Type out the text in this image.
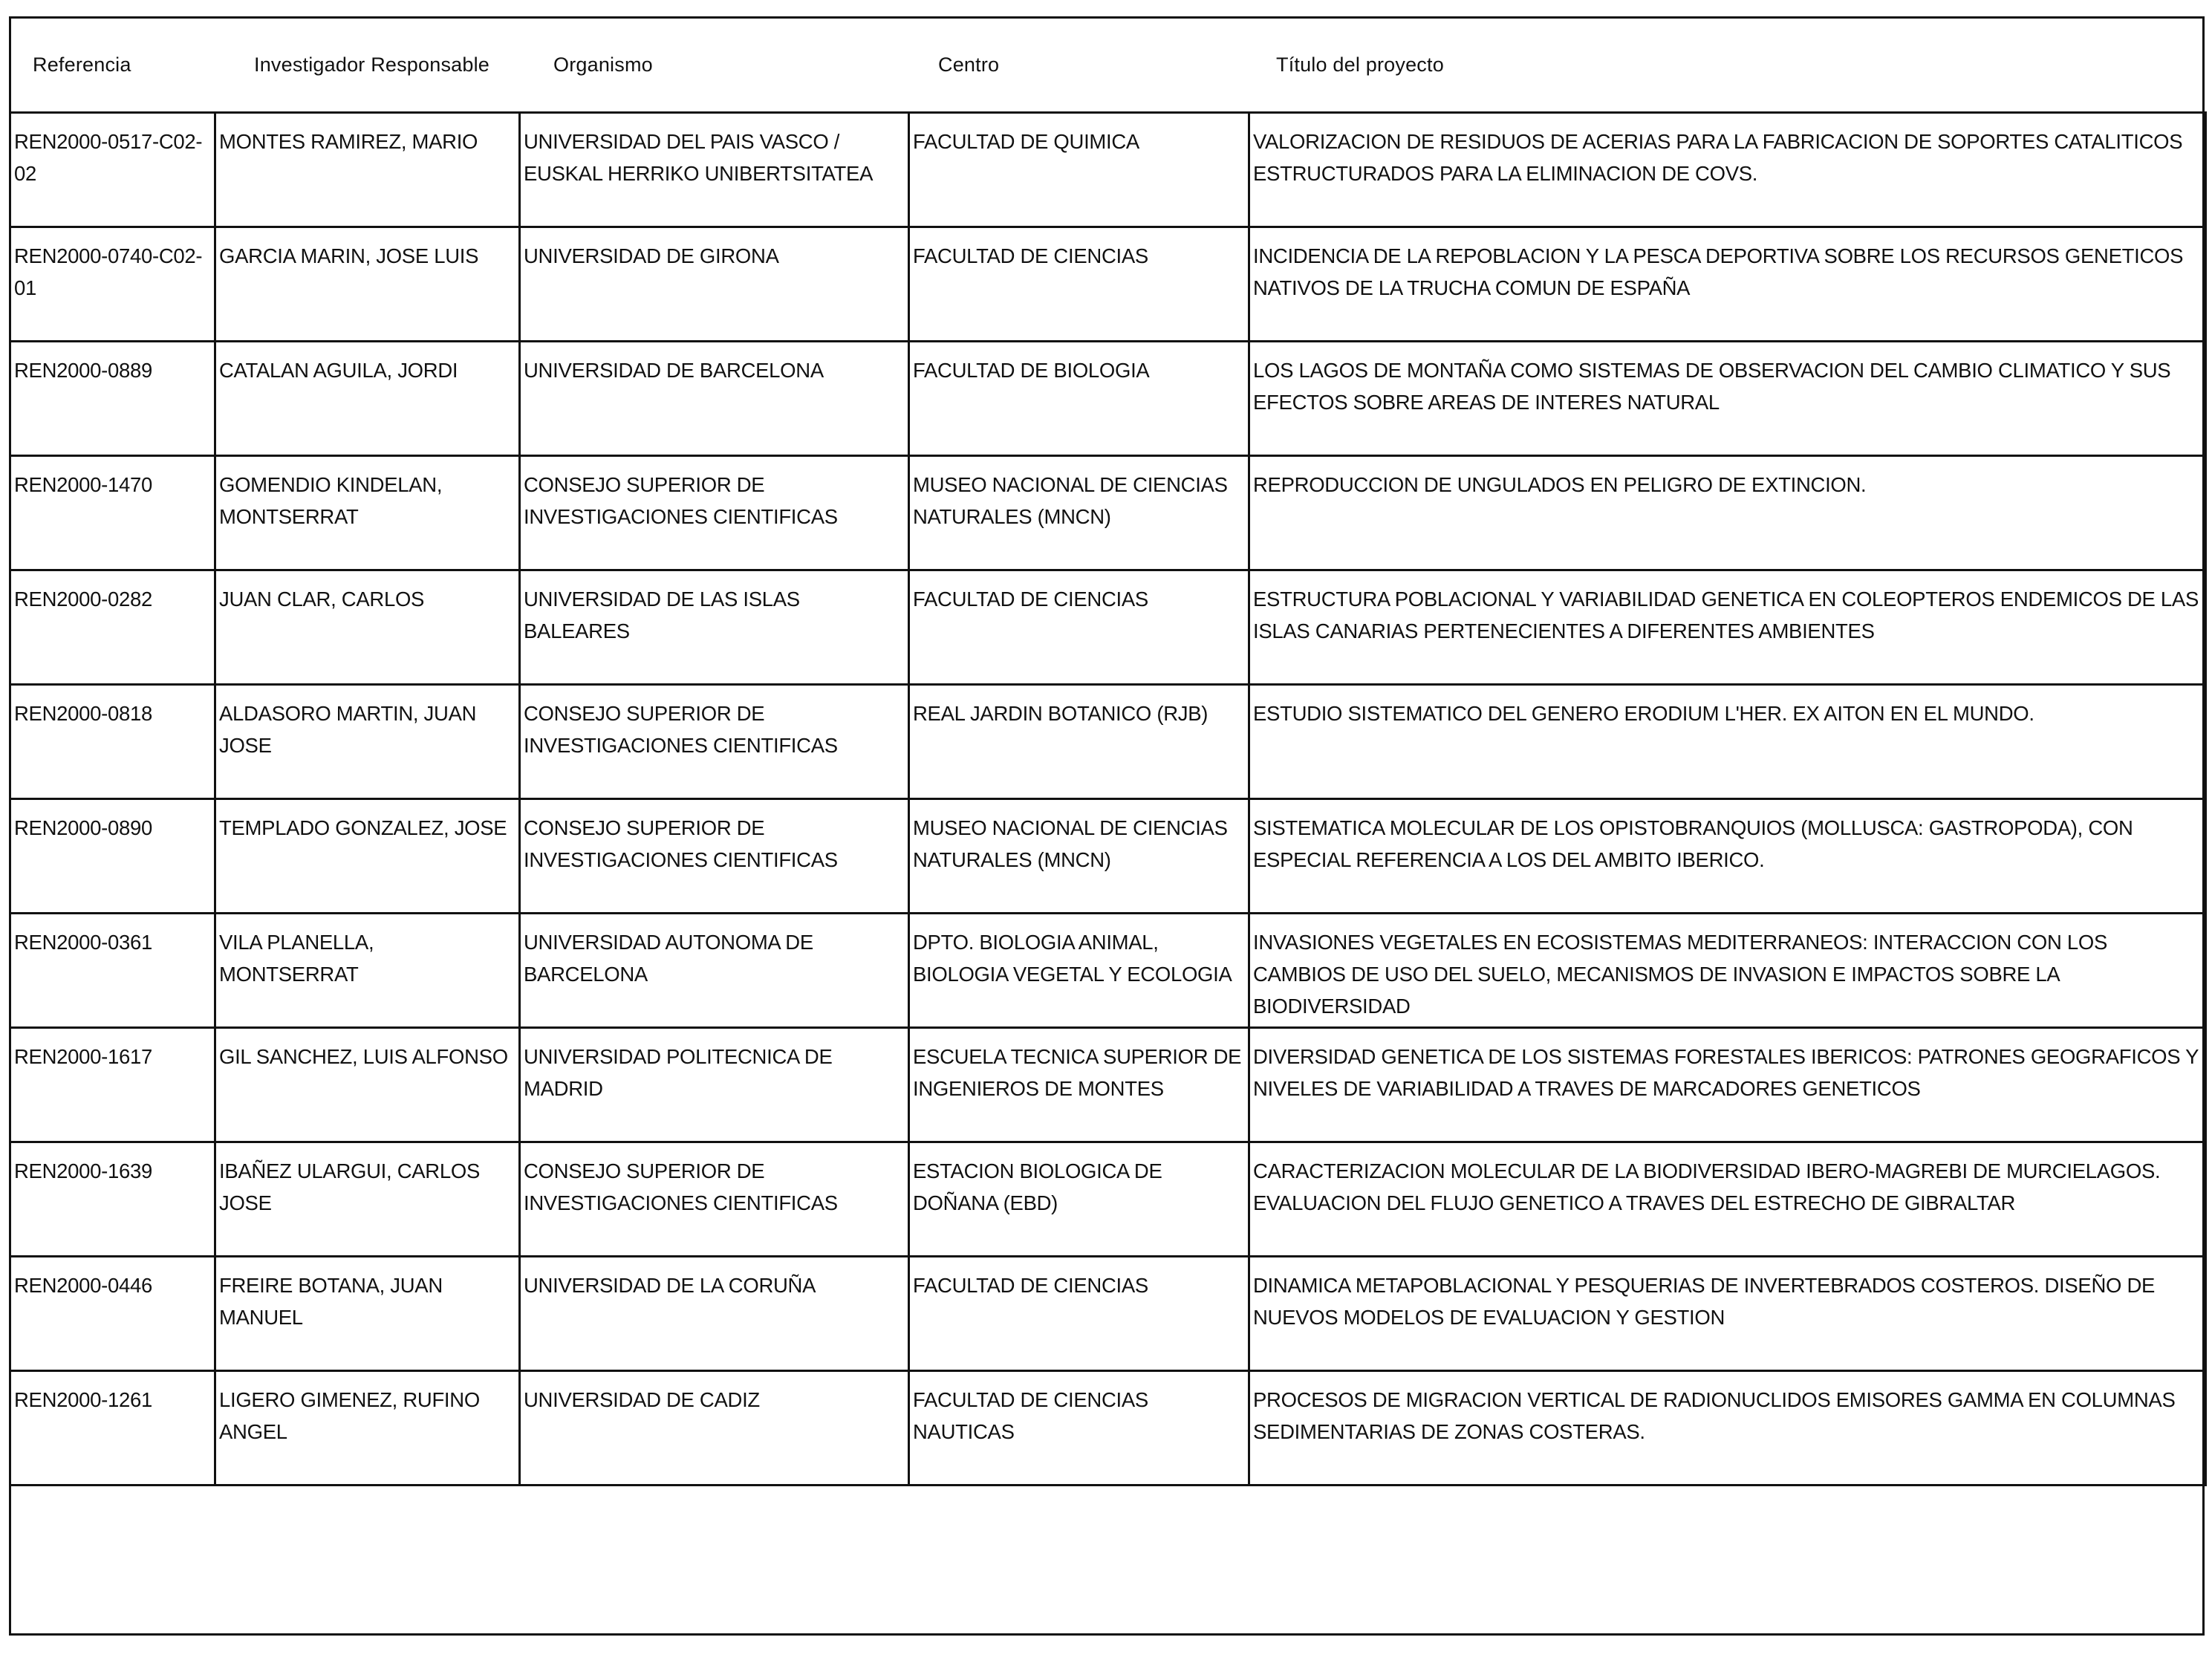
Referencia	Investigador Responsable	Organismo	Centro	Título del proyecto
REN2000-0517-C02-02	MONTES RAMIREZ, MARIO	UNIVERSIDAD DEL PAIS VASCO / EUSKAL HERRIKO UNIBERTSITATEA	FACULTAD DE QUIMICA	VALORIZACION DE RESIDUOS DE ACERIAS PARA LA FABRICACION DE SOPORTES CATALITICOS ESTRUCTURADOS PARA LA ELIMINACION DE COVS.
REN2000-0740-C02-01	GARCIA MARIN, JOSE LUIS	UNIVERSIDAD DE GIRONA	FACULTAD DE CIENCIAS	INCIDENCIA DE LA REPOBLACION Y LA PESCA DEPORTIVA SOBRE LOS RECURSOS GENETICOS NATIVOS DE LA TRUCHA COMUN DE ESPAÑA
REN2000-0889	CATALAN AGUILA, JORDI	UNIVERSIDAD DE BARCELONA	FACULTAD DE BIOLOGIA	LOS LAGOS DE MONTAÑA COMO SISTEMAS DE OBSERVACION DEL CAMBIO CLIMATICO Y SUS EFECTOS SOBRE AREAS DE INTERES NATURAL
REN2000-1470	GOMENDIO KINDELAN, MONTSERRAT	CONSEJO SUPERIOR DE INVESTIGACIONES CIENTIFICAS	MUSEO NACIONAL DE CIENCIAS NATURALES (MNCN)	REPRODUCCION DE UNGULADOS EN PELIGRO DE EXTINCION.
REN2000-0282	JUAN CLAR, CARLOS	UNIVERSIDAD DE LAS ISLAS BALEARES	FACULTAD DE CIENCIAS	ESTRUCTURA POBLACIONAL Y VARIABILIDAD GENETICA EN COLEOPTEROS ENDEMICOS DE LAS ISLAS CANARIAS PERTENECIENTES A DIFERENTES AMBIENTES
REN2000-0818	ALDASORO MARTIN, JUAN JOSE	CONSEJO SUPERIOR DE INVESTIGACIONES CIENTIFICAS	REAL JARDIN BOTANICO (RJB)	ESTUDIO SISTEMATICO DEL GENERO ERODIUM L'HER. EX AITON EN EL MUNDO.
REN2000-0890	TEMPLADO GONZALEZ, JOSE	CONSEJO SUPERIOR DE INVESTIGACIONES CIENTIFICAS	MUSEO NACIONAL DE CIENCIAS NATURALES (MNCN)	SISTEMATICA MOLECULAR DE LOS OPISTOBRANQUIOS (MOLLUSCA: GASTROPODA), CON ESPECIAL REFERENCIA A LOS DEL AMBITO IBERICO.
REN2000-0361	VILA PLANELLA, MONTSERRAT	UNIVERSIDAD AUTONOMA DE BARCELONA	DPTO. BIOLOGIA ANIMAL, BIOLOGIA VEGETAL Y ECOLOGIA	INVASIONES VEGETALES EN ECOSISTEMAS MEDITERRANEOS: INTERACCION CON LOS CAMBIOS DE USO DEL SUELO, MECANISMOS DE INVASION E IMPACTOS SOBRE LA BIODIVERSIDAD
REN2000-1617	GIL SANCHEZ, LUIS ALFONSO	UNIVERSIDAD POLITECNICA DE MADRID	ESCUELA TECNICA SUPERIOR DE INGENIEROS DE MONTES	DIVERSIDAD GENETICA DE LOS SISTEMAS FORESTALES IBERICOS: PATRONES GEOGRAFICOS Y NIVELES DE VARIABILIDAD A TRAVES DE MARCADORES GENETICOS
REN2000-1639	IBAÑEZ ULARGUI, CARLOS JOSE	CONSEJO SUPERIOR DE INVESTIGACIONES CIENTIFICAS	ESTACION BIOLOGICA DE DOÑANA (EBD)	CARACTERIZACION MOLECULAR DE LA BIODIVERSIDAD IBERO-MAGREBI DE MURCIELAGOS. EVALUACION DEL FLUJO GENETICO A TRAVES DEL ESTRECHO DE GIBRALTAR
REN2000-0446	FREIRE BOTANA, JUAN MANUEL	UNIVERSIDAD DE LA CORUÑA	FACULTAD DE CIENCIAS	DINAMICA METAPOBLACIONAL Y PESQUERIAS DE INVERTEBRADOS COSTEROS. DISEÑO DE NUEVOS MODELOS DE EVALUACION Y GESTION
REN2000-1261	LIGERO GIMENEZ, RUFINO ANGEL	UNIVERSIDAD DE CADIZ	FACULTAD DE CIENCIAS NAUTICAS	PROCESOS DE MIGRACION VERTICAL DE RADIONUCLIDOS EMISORES GAMMA EN COLUMNAS SEDIMENTARIAS DE ZONAS COSTERAS.
